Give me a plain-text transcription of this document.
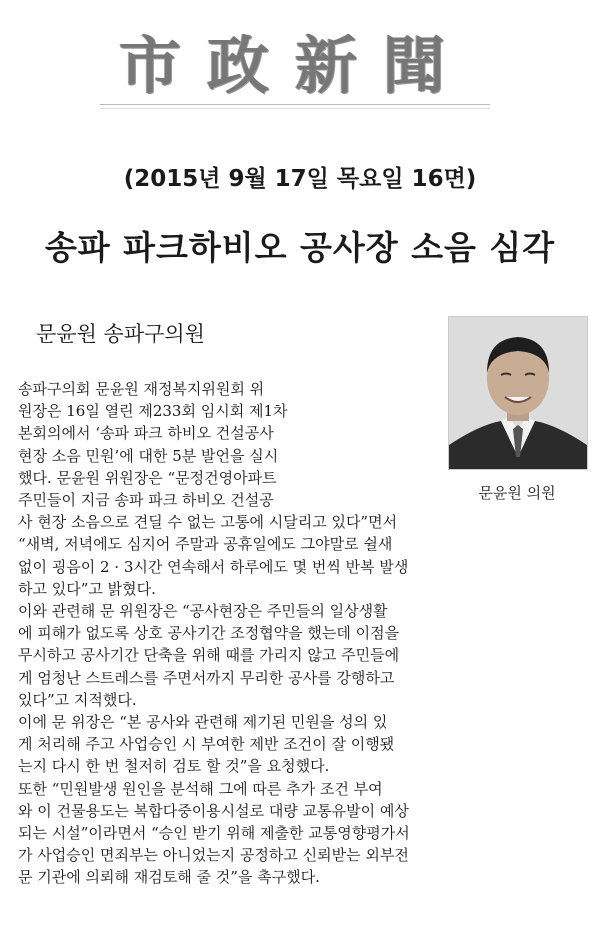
市政新聞
(2015년 9월 17일 목요일 16면)
송파 파크하비오 공사장 소음 심각
문윤원 송파구의원
문윤원 의원
송파구의회 문윤원 재정복지위원회 위
원장은 16일 열린 제233회 임시회 제1차
본회의에서 ‘송파 파크 하비오 건설공사
현장 소음 민원’에 대한 5분 발언을 실시
했다. 문윤원 위원장은 “문정건영아파트
주민들이 지금 송파 파크 하비오 건설공
사 현장 소음으로 견딜 수 없는 고통에 시달리고 있다”면서
“새벽, 저녁에도 심지어 주말과 공휴일에도 그야말로 쉴새
없이 굉음이 2 · 3시간 연속해서 하루에도 몇 번씩 반복 발생
하고 있다”고 밝혔다.
이와 관련해 문 위원장은 “공사현장은 주민들의 일상생활
에 피해가 없도록 상호 공사기간 조정협약을 했는데 이점을
무시하고 공사기간 단축을 위해 때를 가리지 않고 주민들에
게 엄청난 스트레스를 주면서까지 무리한 공사를 강행하고
있다”고 지적했다.
이에 문 위장은 “본 공사와 관련해 제기된 민원을 성의 있
게 처리해 주고 사업승인 시 부여한 제반 조건이 잘 이행됐
는지 다시 한 번 철저히 검토 할 것”을 요청했다.
또한 “민원발생 원인을 분석해 그에 따른 추가 조건 부여
와 이 건물용도는 복합다중이용시설로 대량 교통유발이 예상
되는 시설”이라면서 “승인 받기 위해 제출한 교통영향평가서
가 사업승인 면죄부는 아니었는지 공정하고 신뢰받는 외부전
문 기관에 의뢰해 재검토해 줄 것”을 촉구했다.
